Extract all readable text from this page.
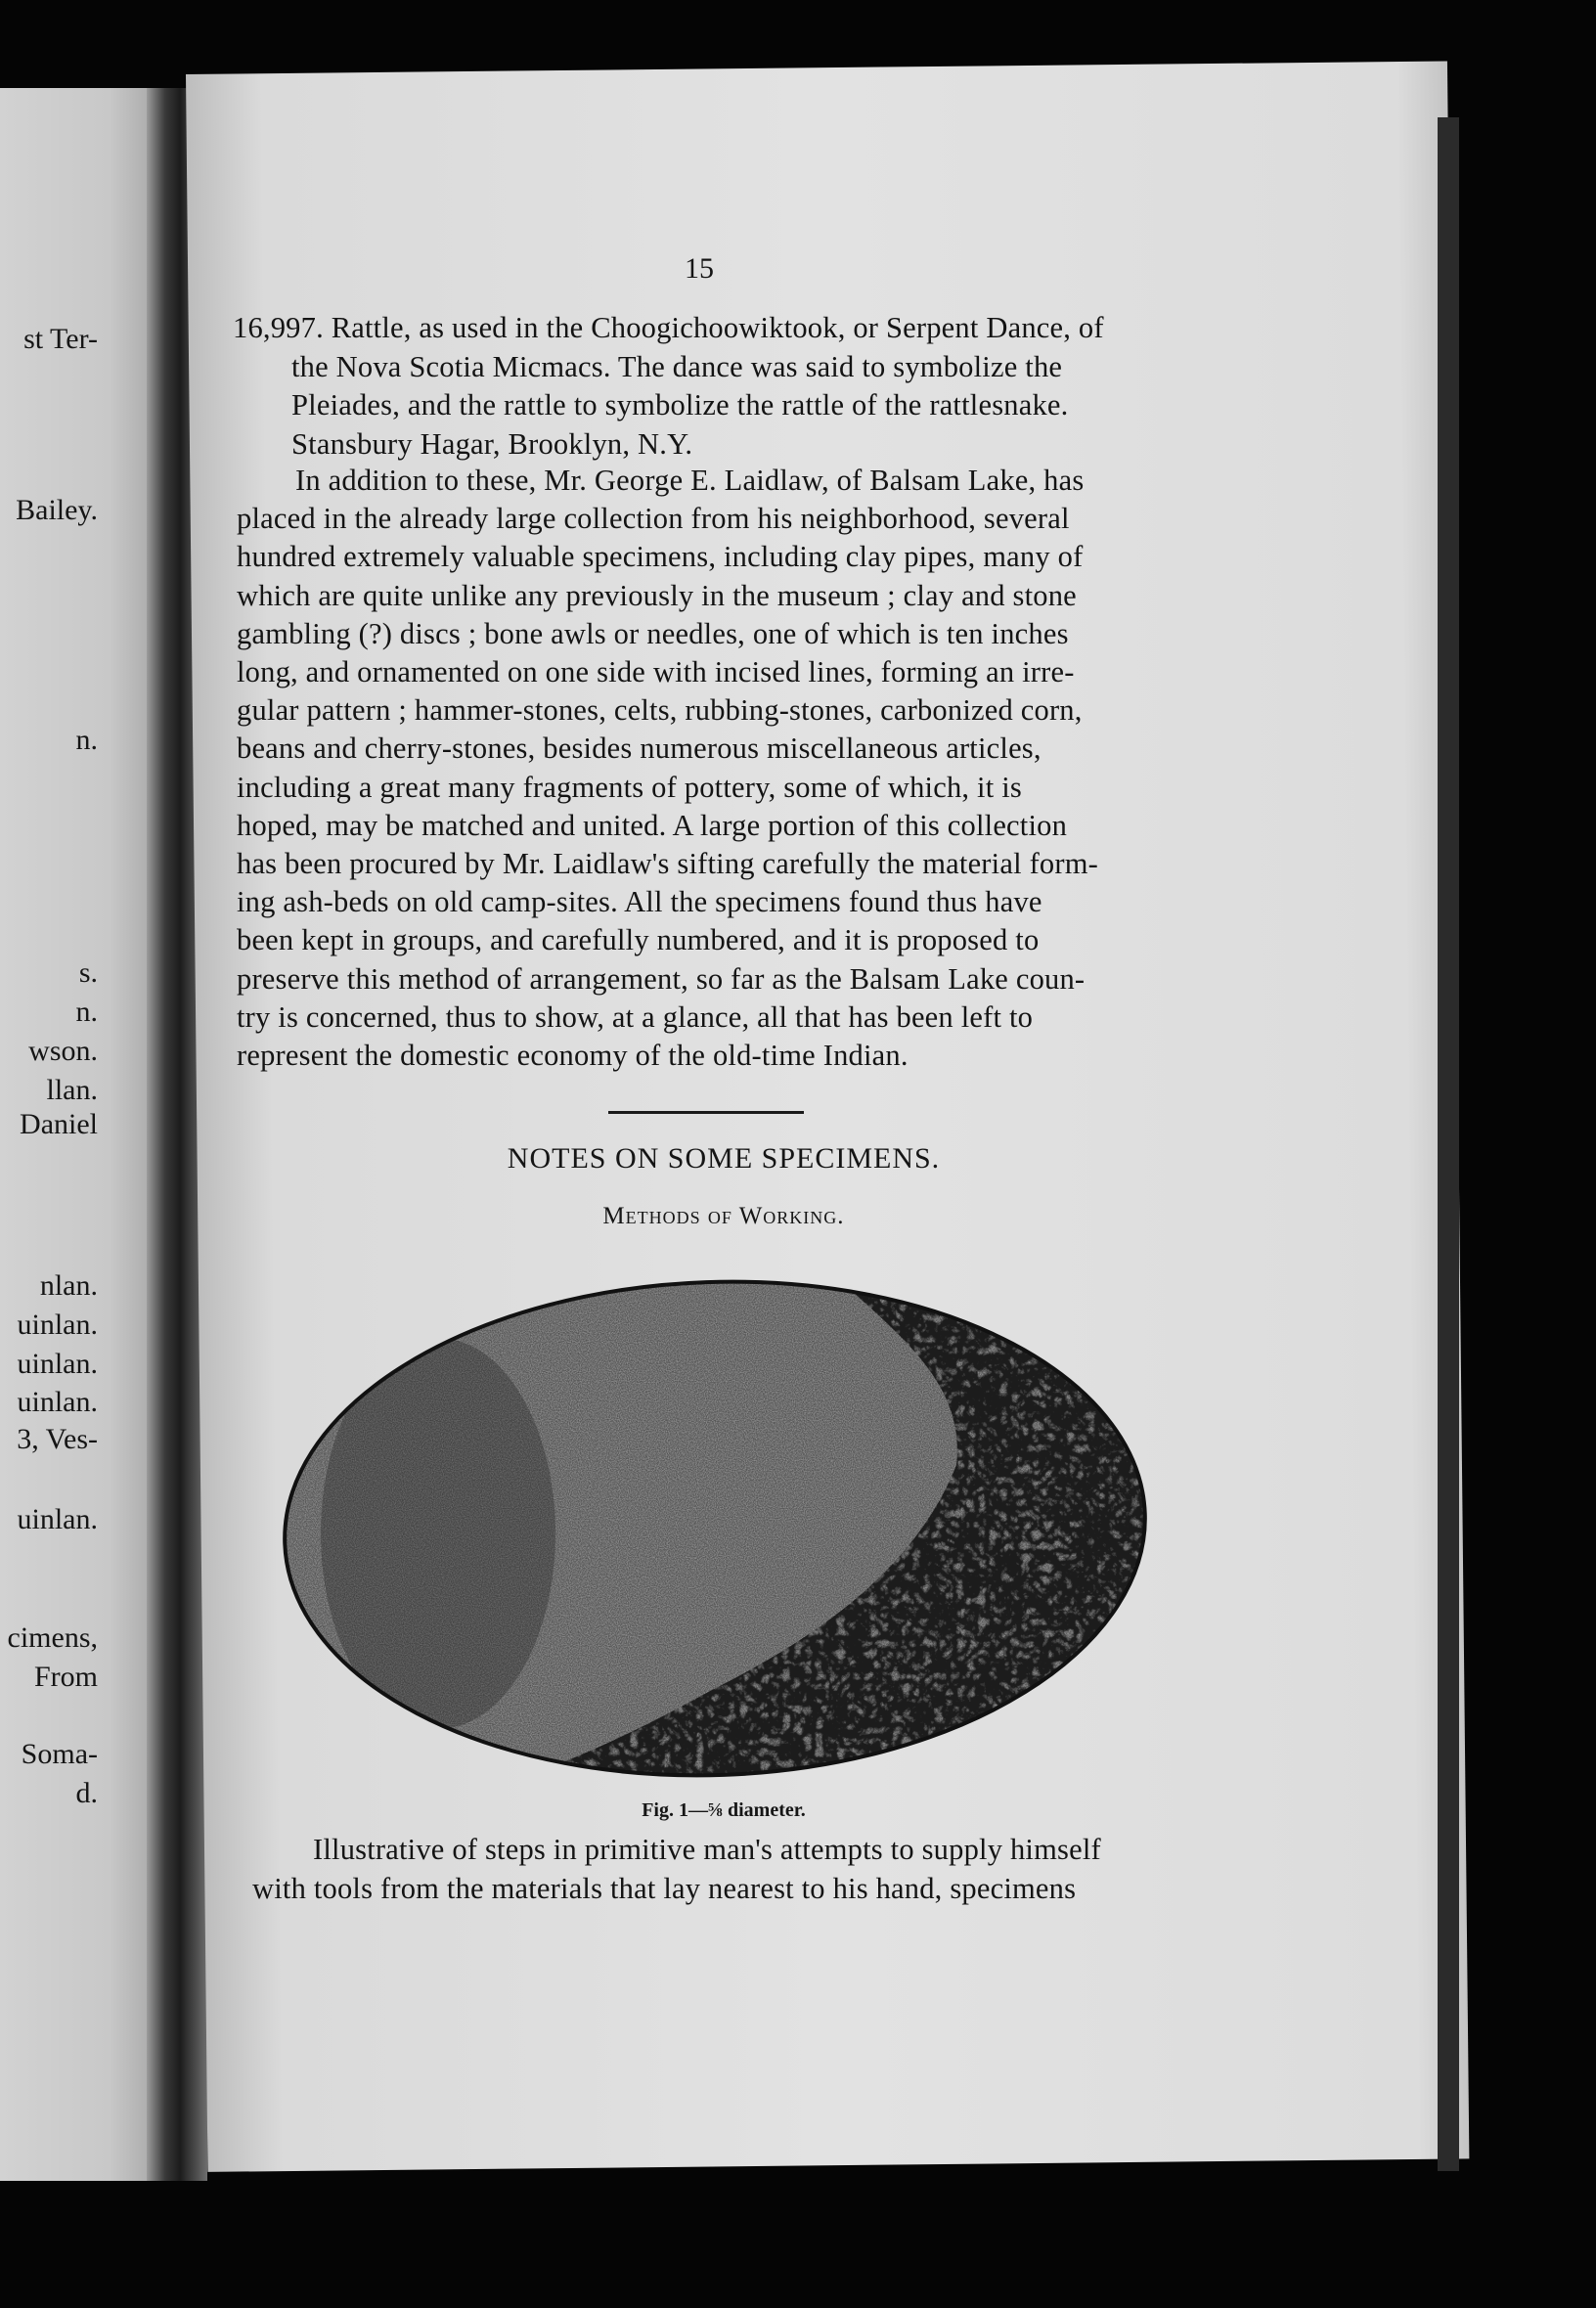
st Ter-
Bailey.
n.
s.
n.
wson.
llan.
Daniel
nlan.
uinlan.
uinlan.
uinlan.
3, Ves-
uinlan.
cimens,
From
Soma-
d.
15
16,997. Rattle, as used in the Choogichoowiktook, or Serpent Dance, of
the Nova Scotia Micmacs. The dance was said to symbolize the
Pleiades, and the rattle to symbolize the rattle of the rattlesnake.
Stansbury Hagar, Brooklyn, N.Y.
In addition to these, Mr. George E. Laidlaw, of Balsam Lake, has
placed in the already large collection from his neighborhood, several
hundred extremely valuable specimens, including clay pipes, many of
which are quite unlike any previously in the museum ; clay and stone
gambling (?) discs ; bone awls or needles, one of which is ten inches
long, and ornamented on one side with incised lines, forming an irre-
gular pattern ; hammer-stones, celts, rubbing-stones, carbonized corn,
beans and cherry-stones, besides numerous miscellaneous articles,
including a great many fragments of pottery, some of which, it is
hoped, may be matched and united. A large portion of this collection
has been procured by Mr. Laidlaw's sifting carefully the material form-
ing ash-beds on old camp-sites. All the specimens found thus have
been kept in groups, and carefully numbered, and it is proposed to
preserve this method of arrangement, so far as the Balsam Lake coun-
try is concerned, thus to show, at a glance, all that has been left to
represent the domestic economy of the old-time Indian.
NOTES ON SOME SPECIMENS.
Methods of Working.
Fig. 1—⅝ diameter.
Illustrative of steps in primitive man's attempts to supply himself
with tools from the materials that lay nearest to his hand, specimens
